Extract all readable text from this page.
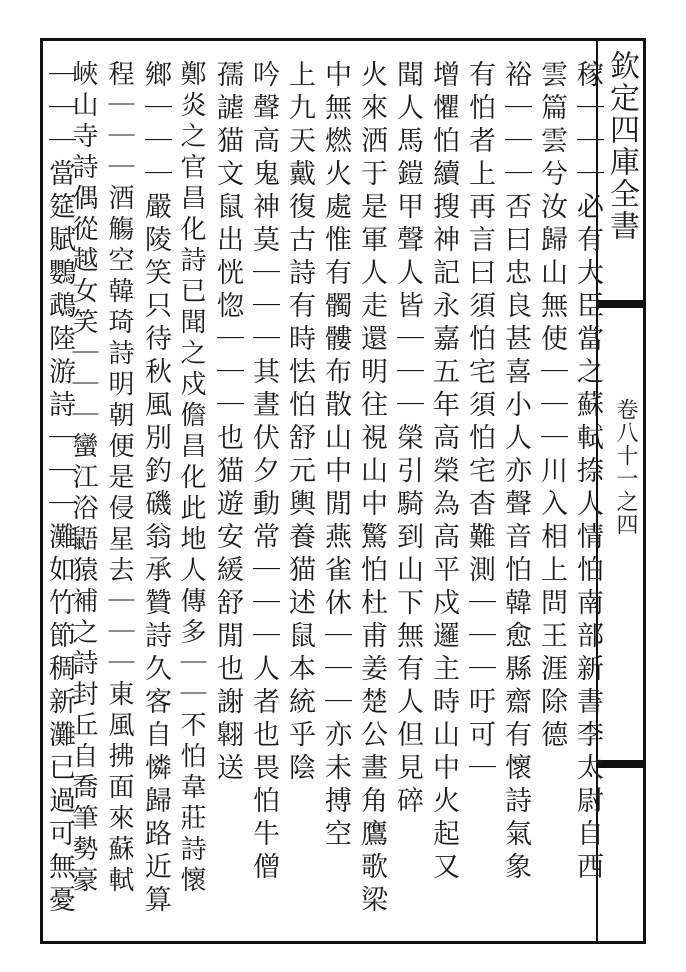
欽定四庫全書
卷八十一之四
稼｜｜｜必有大臣當之蘇軾捺人情怕南部新書李太尉自西
雲篇雲兮汝歸山無使｜｜｜川入相上問王涯除德
裕｜｜｜否曰忠良甚喜小人亦聲音怕韓愈縣齋有懷詩氣象
有怕者上再言曰須怕宅須怕宅杳難測｜｜｜吁可｜
增懼怕續搜神記永嘉五年高榮為高平戍邏主時山中火起又
聞人馬鎧甲聲人皆｜｜｜榮引騎到山下無有人但見碎
火來洒于是軍人走還明往視山中驚怕杜甫姜楚公畫角鷹歌梁
中無燃火處惟有髑髏布散山中閒燕雀休｜｜｜亦未搏空
上九天戴復古詩有時怯怕舒元輿養猫述鼠本統乎陰
吟聲高鬼神莫｜｜｜其晝伏夕動常｜｜｜人者也畏怕牛僧
孺謔猫文鼠出恍惚｜｜｜也猫遊安緩舒閒也謝翺送
鄭炎之官昌化詩已聞之戍儋昌化此地人傳多｜｜不怕韋莊詩懷
鄉｜｜｜嚴陵笑只待秋風別釣磯翁承贊詩久客自憐歸路近算
程｜｜｜酒觴空韓琦詩明朝便是侵星去｜｜｜東風拂面來蘇軾
峽山寺詩偶從越女笑｜｜｜蠻江浴鼯猿補之詩封丘自喬筆勢豪
｜｜｜當筵賦鸚鵡陸游詩｜｜｜灘如竹節稠新灘已過可無憂
